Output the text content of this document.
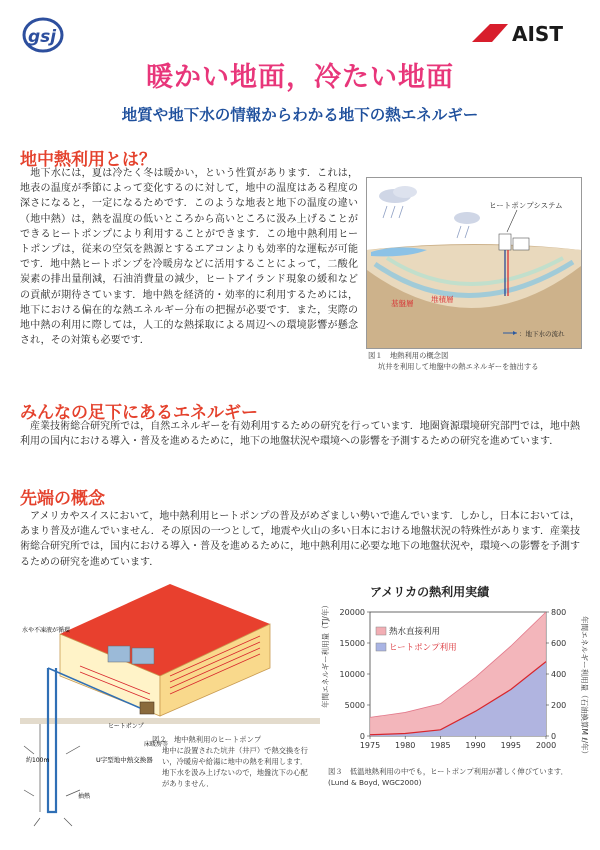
gsj	AIST
暖かい地面，冷たい地面
地質や地下水の情報からわかる地下の熱エネルギー
地中熱利用とは？
　地下水には，夏は冷たく冬は暖かい，という性質があります．これは，地表の温度が季節によって変化するのに対して，地中の温度はある程度の深さになると，一定になるためです．このような地表と地下の温度の違い（地中熱）は，熱を温度の低いところから高いところに汲み上げることができるヒートポンプにより利用することができます．この地中熱利用ヒートポンプは，従来の空気を熱源とするエアコンよりも効率的な運転が可能です．地中熱ヒートポンプを冷暖房などに活用することによって，二酸化炭素の排出量削減，石油消費量の減少，ヒートアイランド現象の緩和などの貢献が期待さています．地中熱を経済的・効率的に利用するためには，地下における偏在的な熱エネルギー分布の把握が必要です．また，実際の地中熱の利用に際しては，人工的な熱採取による周辺への環境影響が懸念され，その対策も必要です．
ヒートポンプシステム
基盤層 堆積層
：地下水の流れ
図１　地熱利用の概念図
坑井を利用して地盤中の熱エネルギーを抽出する
みんなの足下にあるエネルギー
　産業技術総合研究所では，自然エネルギーを有効利用するための研究を行っています．地圏資源環境研究部門では，地中熱利用の国内における導入・普及を進めるために，地下の地盤状況や環境への影響を予測するための研究を進めています．
先端の概念
　アメリカやスイスにおいて，地中熱利用ヒートポンプの普及がめざましい勢いで進んでいます．しかし，日本においては，あまり普及が進んでいません．その原因の一つとして，地震や火山の多い日本における地盤状況の特殊性があります．産業技術総合研究所では，国内における導入・普及を進めるために，地中熱利用に必要な地下の地盤状況や，環境への影響を予測するための研究を進めています．
水や不凍液が循環
ヒートポンプ
床暖房等
約100m	U字型地中熱交換器
抽熱
図２　地中熱利用のヒートポンプ
地中に設置された坑井（井戸）で熱交換を行い，冷暖房や給湯に地中の熱を利用します．地下水を汲み上げないので，地盤沈下の心配がありません．
アメリカの熱利用実績
年間エネルギー利用量（TJ/年）	年間エネルギー利用量（石油換算M ℓ/年）
1975 1980 1985 1990 1995 2000
0
5000
10000
15000
20000
0
200
400
600
800
熱水直接利用
ヒートポンプ利用
図３　低温地熱利用の中でも，ヒートポンプ利用が著しく伸びています．
(Lund & Boyd, WGC2000)
